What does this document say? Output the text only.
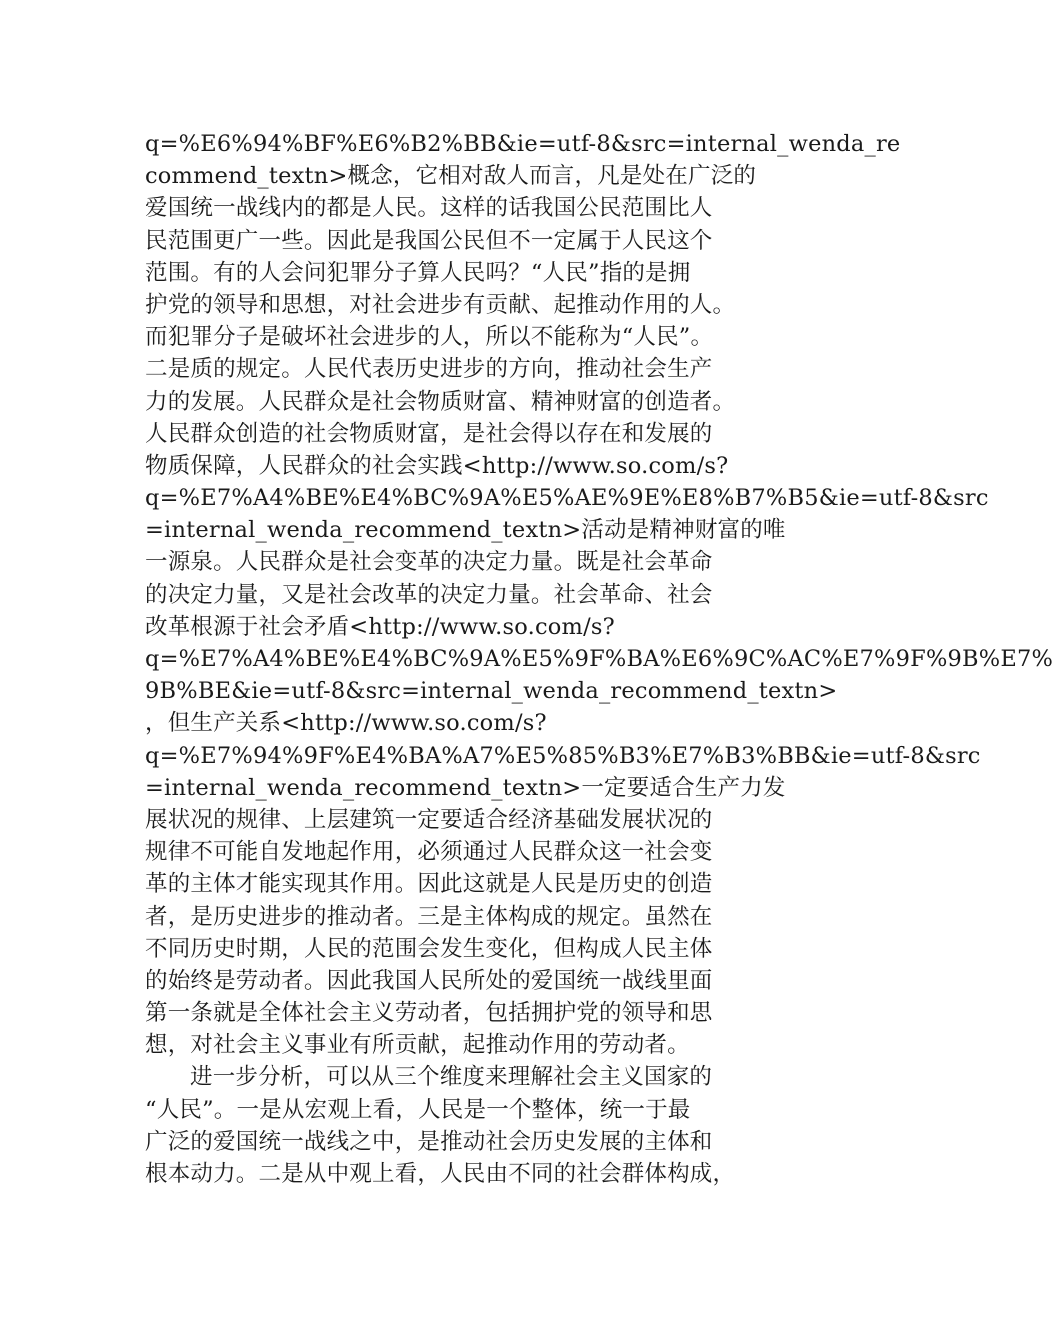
q=%E6%94%BF%E6%B2%BB&ie=utf-8&src=internal_wenda_re
commend_textn>概念，它相对敌人而言，凡是处在广泛的
爱国统一战线内的都是人民。这样的话我国公民范围比人
民范围更广一些。因此是我国公民但不一定属于人民这个
范围。有的人会问犯罪分子算人民吗？“人民”指的是拥
护党的领导和思想，对社会进步有贡献、起推动作用的人。
而犯罪分子是破坏社会进步的人，所以不能称为“人民”。
二是质的规定。人民代表历史进步的方向，推动社会生产
力的发展。人民群众是社会物质财富、精神财富的创造者。
人民群众创造的社会物质财富，是社会得以存在和发展的
物质保障，人民群众的社会实践<http://www.so.com/s?
q=%E7%A4%BE%E4%BC%9A%E5%AE%9E%E8%B7%B5&ie=utf-8&src
=internal_wenda_recommend_textn>活动是精神财富的唯
一源泉。人民群众是社会变革的决定力量。既是社会革命
的决定力量，又是社会改革的决定力量。社会革命、社会
改革根源于社会矛盾<http://www.so.com/s?
q=%E7%A4%BE%E4%BC%9A%E5%9F%BA%E6%9C%AC%E7%9F%9B%E7%
9B%BE&ie=utf-8&src=internal_wenda_recommend_textn>
，但生产关系<http://www.so.com/s?
q=%E7%94%9F%E4%BA%A7%E5%85%B3%E7%B3%BB&ie=utf-8&src
=internal_wenda_recommend_textn>一定要适合生产力发
展状况的规律、上层建筑一定要适合经济基础发展状况的
规律不可能自发地起作用，必须通过人民群众这一社会变
革的主体才能实现其作用。因此这就是人民是历史的创造
者，是历史进步的推动者。三是主体构成的规定。虽然在
不同历史时期，人民的范围会发生变化，但构成人民主体
的始终是劳动者。因此我国人民所处的爱国统一战线里面
第一条就是全体社会主义劳动者，包括拥护党的领导和思
想，对社会主义事业有所贡献，起推动作用的劳动者。
进一步分析，可以从三个维度来理解社会主义国家的
“人民”。一是从宏观上看，人民是一个整体，统一于最
广泛的爱国统一战线之中，是推动社会历史发展的主体和
根本动力。二是从中观上看，人民由不同的社会群体构成，
